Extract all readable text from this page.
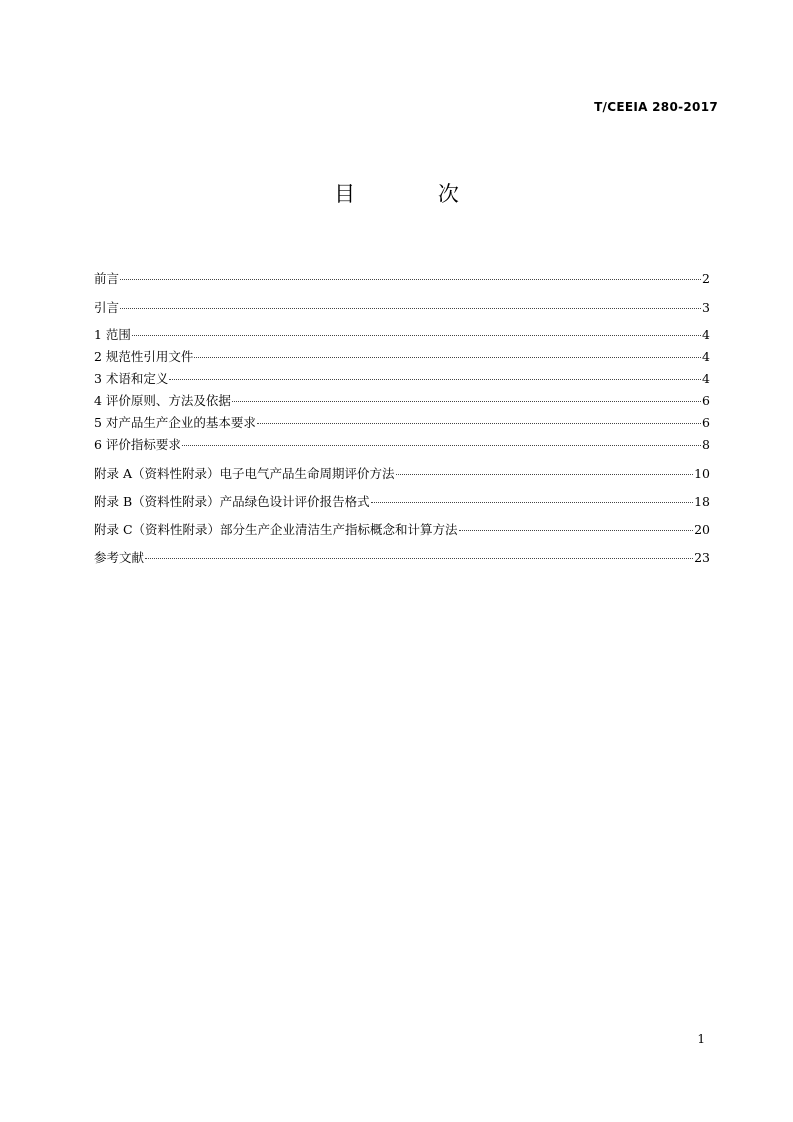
T/CEEIA 280-2017
目 次
前言	2
引言	3
1 范围	4
2 规范性引用文件	4
3 术语和定义	4
4 评价原则、方法及依据	6
5 对产品生产企业的基本要求	6
6 评价指标要求	8
附录 A（资料性附录）电子电气产品生命周期评价方法	10
附录 B（资料性附录）产品绿色设计评价报告格式	18
附录 C（资料性附录）部分生产企业清洁生产指标概念和计算方法	20
参考文献	23
1
